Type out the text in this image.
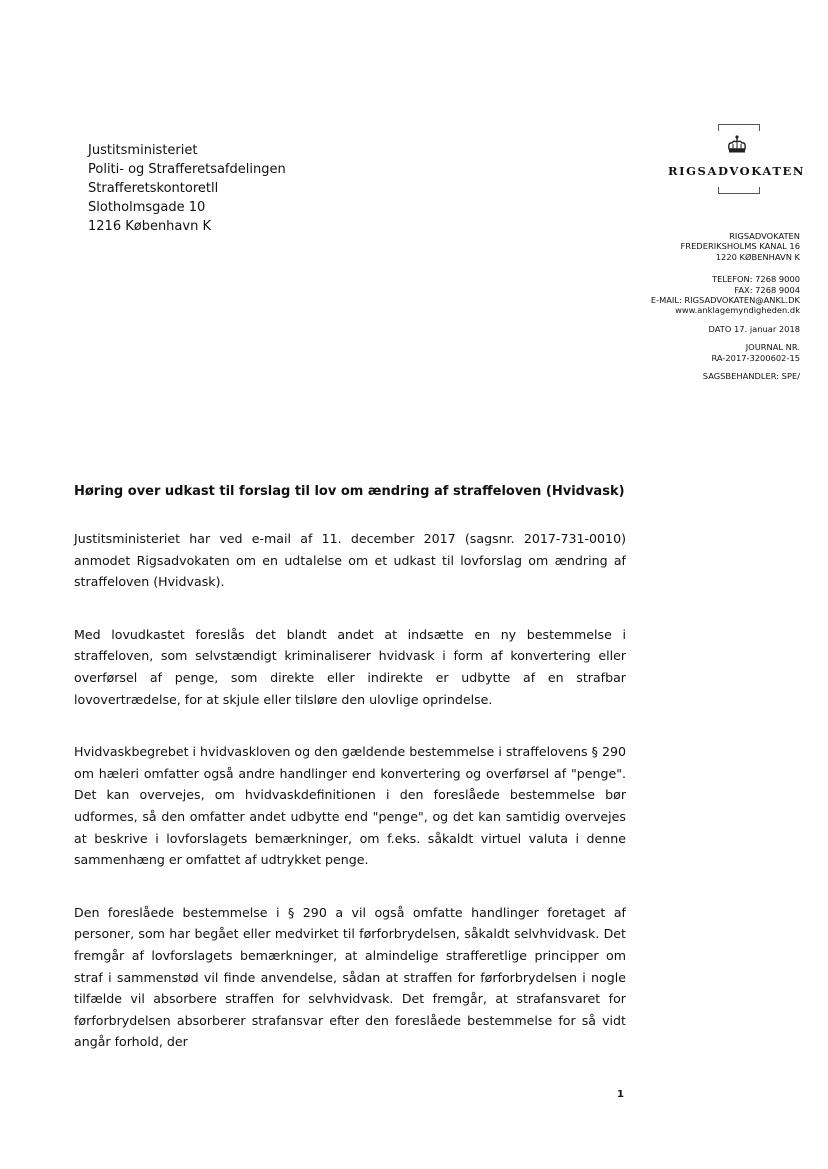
Justitsministeriet
Politi- og Strafferetsafdelingen
Strafferetskontoretll
Slotholmsgade 10
1216 København K
RIGSADVOKATEN
RIGSADVOKATEN
FREDERIKSHOLMS KANAL 16
1220 KØBENHAVN K
TELEFON: 7268 9000
FAX: 7268 9004
E-MAIL: RIGSADVOKATEN@ANKL.DK
www.anklagemyndigheden.dk
DATO 17. januar 2018
JOURNAL NR.
RA-2017-3200602-15
SAGSBEHANDLER: SPE/
Høring over udkast til forslag til lov om ændring af straffeloven (Hvidvask)

Justitsministeriet har ved e-mail af 11. december 2017 (sagsnr. 2017-731-0010) anmodet Rigsadvokaten om en udtalelse om et udkast til lovforslag om ændring af straffeloven (Hvidvask).

Med lovudkastet foreslås det blandt andet at indsætte en ny bestemmelse i straffeloven, som selvstændigt kriminaliserer hvidvask i form af konvertering eller overførsel af penge, som direkte eller indirekte er udbytte af en strafbar lovovertrædelse, for at skjule eller tilsløre den ulovlige oprindelse.

Hvidvaskbegrebet i hvidvaskloven og den gældende bestemmelse i straffelovens § 290 om hæleri omfatter også andre handlinger end konvertering og overførsel af "penge". Det kan overvejes, om hvidvaskdefinitionen i den foreslåede bestemmelse bør udformes, så den omfatter andet udbytte end "penge", og det kan samtidig overvejes at beskrive i lovforslagets bemærkninger, om f.eks. såkaldt virtuel valuta i denne sammenhæng er omfattet af udtrykket penge.

Den foreslåede bestemmelse i § 290 a vil også omfatte handlinger foretaget af personer, som har begået eller medvirket til førforbrydelsen, såkaldt selvhvidvask. Det fremgår af lovforslagets bemærkninger, at almindelige strafferetlige principper om straf i sammenstød vil finde anvendelse, sådan at straffen for førforbrydelsen i nogle tilfælde vil absorbere straffen for selvhvidvask. Det fremgår, at strafansvaret for førforbrydelsen absorberer strafansvar efter den foreslåede bestemmelse for så vidt angår forhold, der

1
